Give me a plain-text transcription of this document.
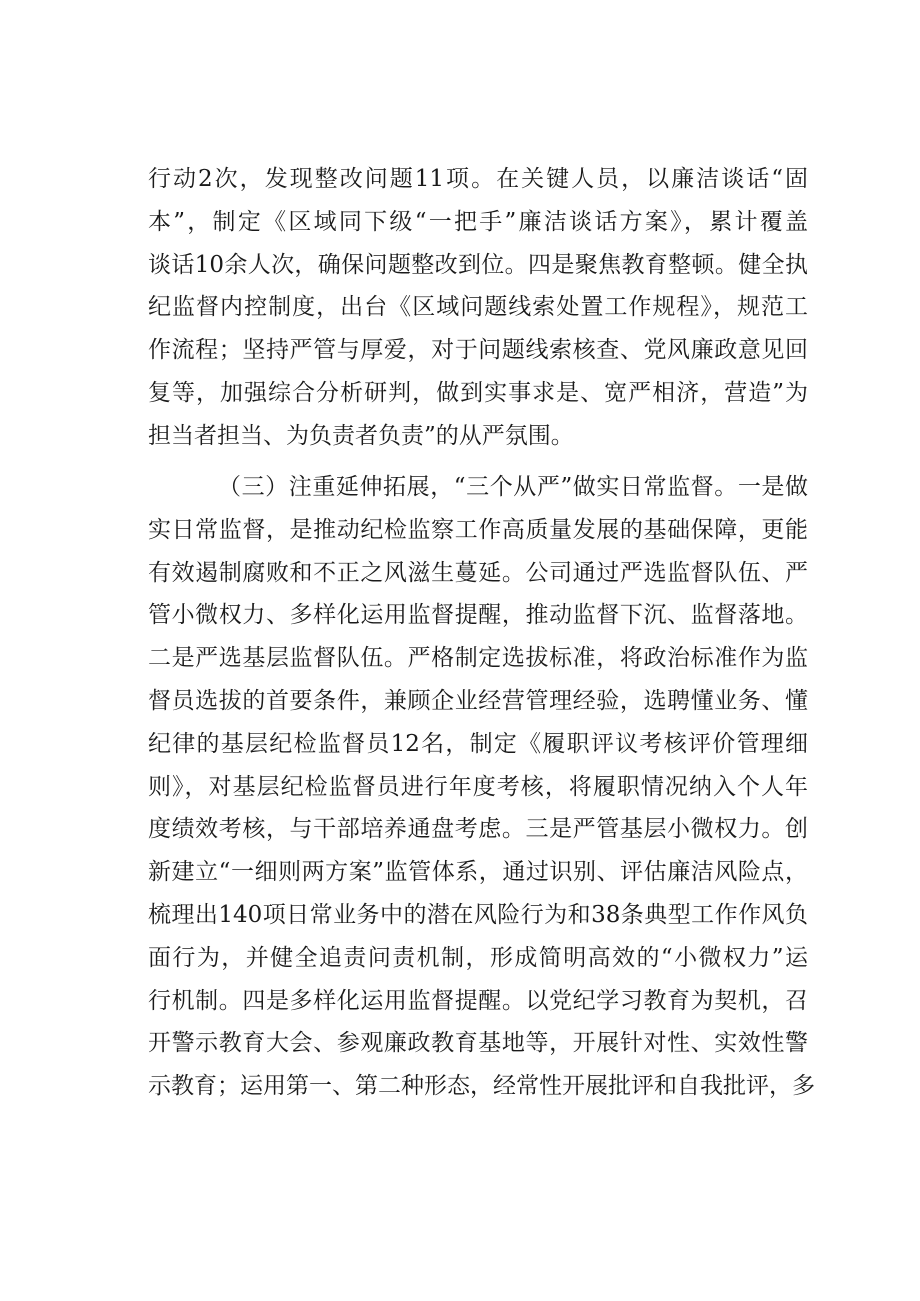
行动2次，发现整改问题11项。在关键人员，以廉洁谈话“固
本”，制定《区域同下级“一把手”廉洁谈话方案》，累计覆盖
谈话10余人次，确保问题整改到位。四是聚焦教育整顿。健全执
纪监督内控制度，出台《区域问题线索处置工作规程》，规范工
作流程；坚持严管与厚爱，对于问题线索核查、党风廉政意见回
复等，加强综合分析研判，做到实事求是、宽严相济，营造”为
担当者担当、为负责者负责”的从严氛围。
（三）注重延伸拓展，“三个从严”做实日常监督。一是做
实日常监督，是推动纪检监察工作高质量发展的基础保障，更能
有效遏制腐败和不正之风滋生蔓延。公司通过严选监督队伍、严
管小微权力、多样化运用监督提醒，推动监督下沉、监督落地。
二是严选基层监督队伍。严格制定选拔标准，将政治标准作为监
督员选拔的首要条件，兼顾企业经营管理经验，选聘懂业务、懂
纪律的基层纪检监督员12名，制定《履职评议考核评价管理细
则》，对基层纪检监督员进行年度考核，将履职情况纳入个人年
度绩效考核，与干部培养通盘考虑。三是严管基层小微权力。创
新建立“一细则两方案”监管体系，通过识别、评估廉洁风险点，
梳理出140项日常业务中的潜在风险行为和38条典型工作作风负
面行为，并健全追责问责机制，形成简明高效的“小微权力”运
行机制。四是多样化运用监督提醒。以党纪学习教育为契机，召
开警示教育大会、参观廉政教育基地等，开展针对性、实效性警
示教育；运用第一、第二种形态，经常性开展批评和自我批评，多
